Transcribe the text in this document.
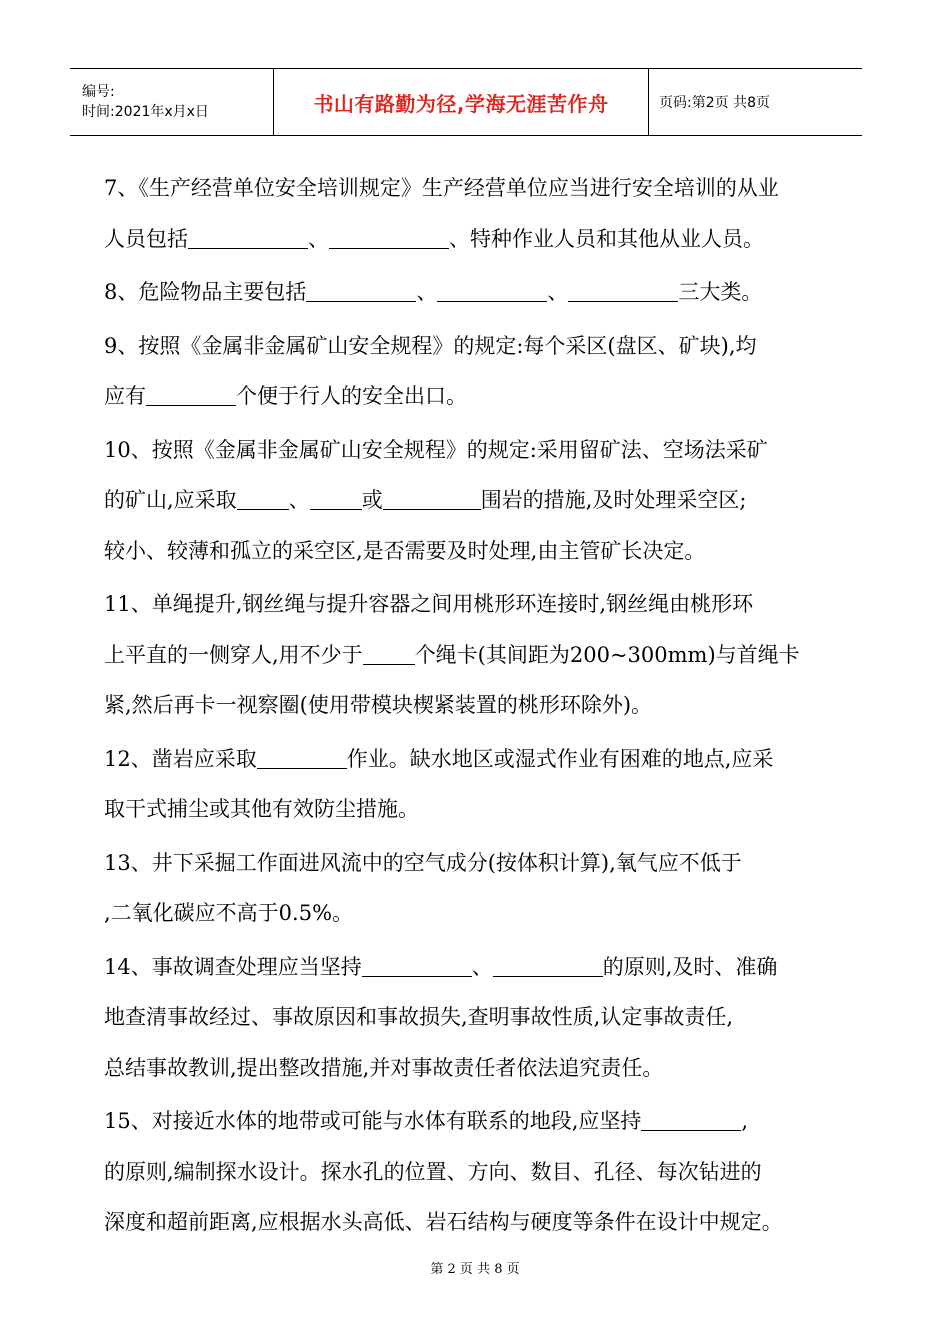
编号:
时间:2021年x月x日	书山有路勤为径,学海无涯苦作舟	页码:第2页 共8页
7、《生产经营单位安全培训规定》生产经营单位应当进行安全培训的从业
人员包括	、	、特种作业人员和其他从业人员。
8、危险物品主要包括	、	、	三大类。
9、按照《金属非金属矿山安全规程》的规定:每个采区(盘区、矿块),均
应有	个便于行人的安全出口。
10、按照《金属非金属矿山安全规程》的规定:采用留矿法、空场法采矿
的矿山,应采取 、 或	围岩的措施,及时处理采空区;
较小、较薄和孤立的采空区,是否需要及时处理,由主管矿长决定。
11、单绳提升,钢丝绳与提升容器之间用桃形环连接时,钢丝绳由桃形环
上平直的一侧穿人,用不少于 个绳卡(其间距为200~300mm)与首绳卡
紧,然后再卡一视察圈(使用带模块楔紧装置的桃形环除外)。
12、凿岩应采取	作业。缺水地区或湿式作业有困难的地点,应采
取干式捕尘或其他有效防尘措施。
13、井下采掘工作面进风流中的空气成分(按体积计算),氧气应不低于
,二氧化碳应不高于0.5%。
14、事故调查处理应当坚持	、	的原则,及时、准确
地查清事故经过、事故原因和事故损失,查明事故性质,认定事故责任,
总结事故教训,提出整改措施,并对事故责任者依法追究责任。
15、对接近水体的地带或可能与水体有联系的地段,应坚持	,
的原则,编制探水设计。探水孔的位置、方向、数目、孔径、每次钻进的
深度和超前距离,应根据水头高低、岩石结构与硬度等条件在设计中规定。
第 2 页 共 8 页
